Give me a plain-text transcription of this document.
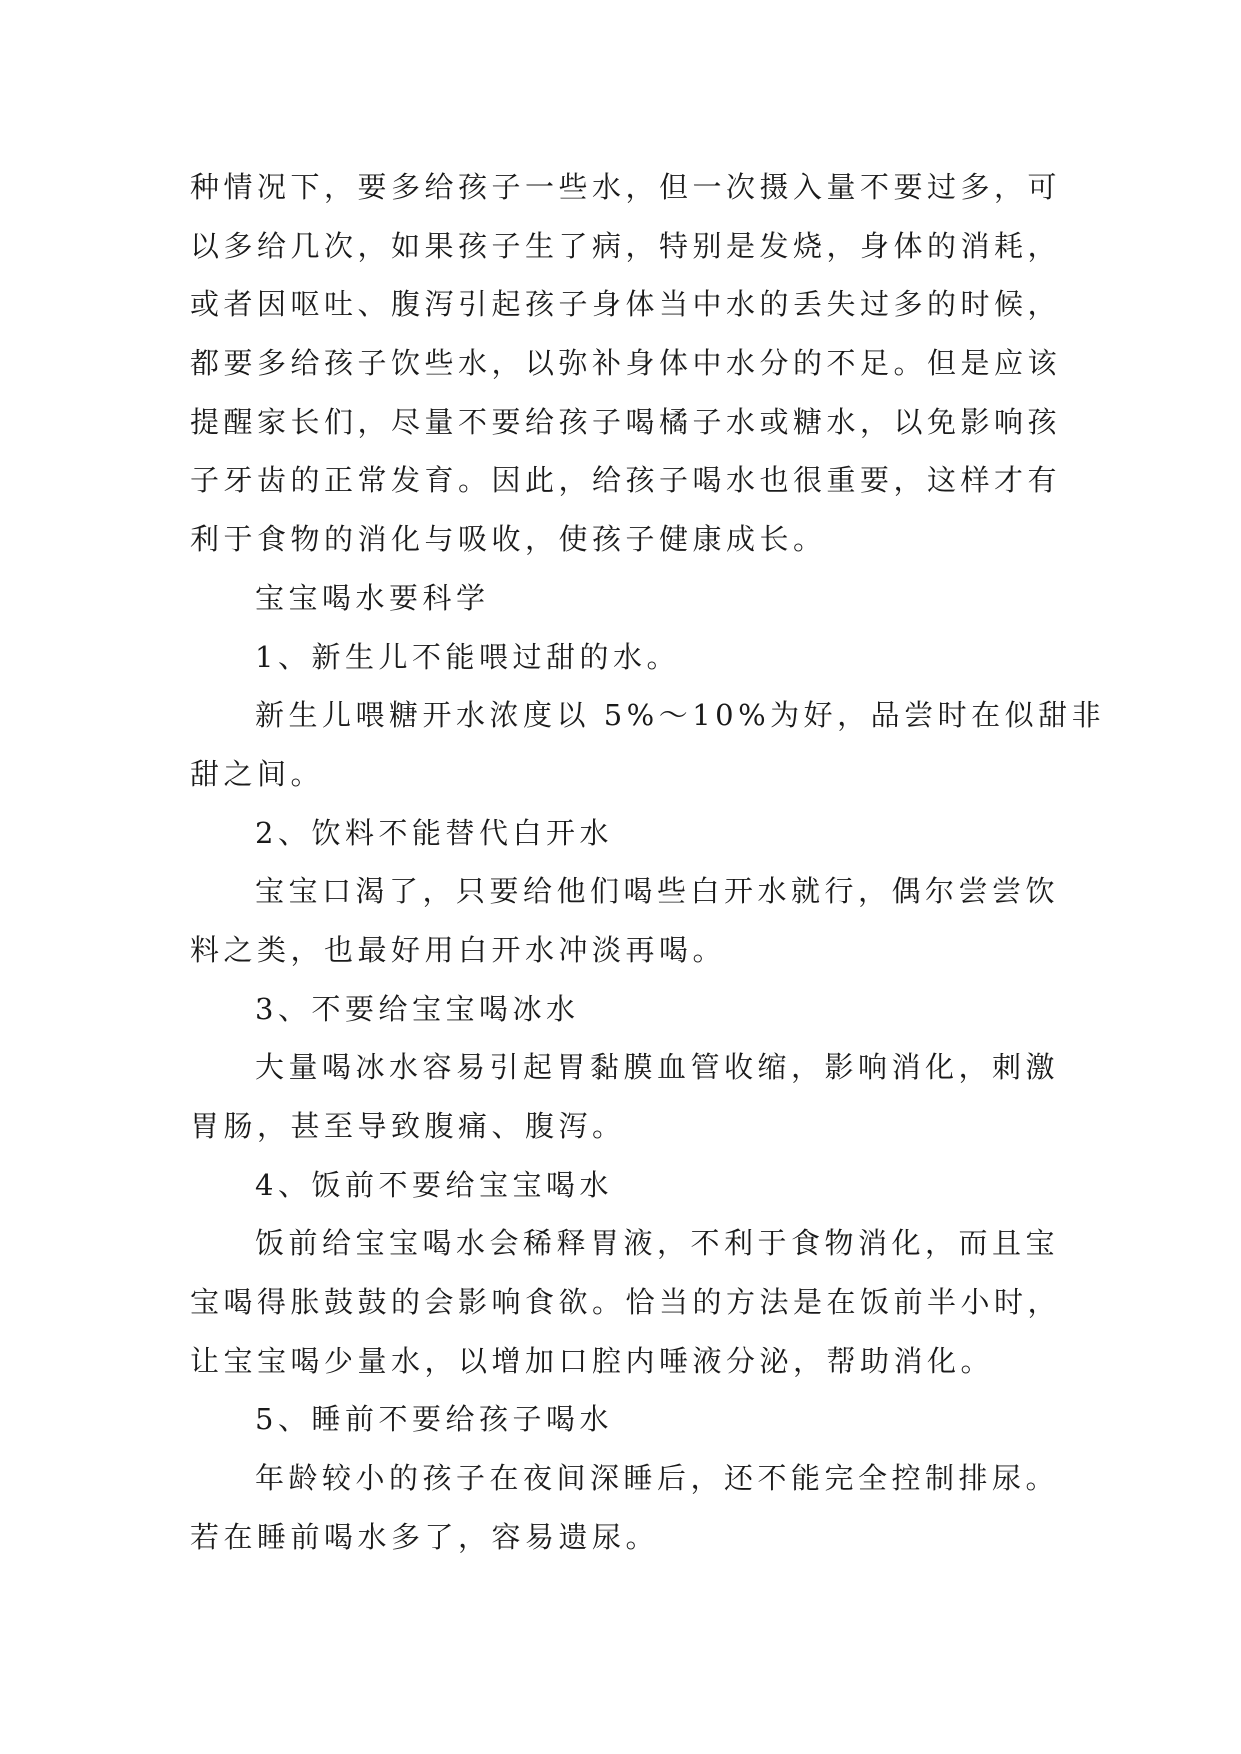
种情况下，要多给孩子一些水，但一次摄入量不要过多，可
以多给几次，如果孩子生了病，特别是发烧，身体的消耗，
或者因呕吐、腹泻引起孩子身体当中水的丢失过多的时候，
都要多给孩子饮些水，以弥补身体中水分的不足。但是应该
提醒家长们，尽量不要给孩子喝橘子水或糖水，以免影响孩
子牙齿的正常发育。因此，给孩子喝水也很重要，这样才有
利于食物的消化与吸收，使孩子健康成长。
宝宝喝水要科学
1、新生儿不能喂过甜的水。
新生儿喂糖开水浓度以 5%～10%为好，品尝时在似甜非
甜之间。
2、饮料不能替代白开水
宝宝口渴了，只要给他们喝些白开水就行，偶尔尝尝饮
料之类，也最好用白开水冲淡再喝。
3、不要给宝宝喝冰水
大量喝冰水容易引起胃黏膜血管收缩，影响消化，刺激
胃肠，甚至导致腹痛、腹泻。
4、饭前不要给宝宝喝水
饭前给宝宝喝水会稀释胃液，不利于食物消化，而且宝
宝喝得胀鼓鼓的会影响食欲。恰当的方法是在饭前半小时，
让宝宝喝少量水，以增加口腔内唾液分泌，帮助消化。
5、睡前不要给孩子喝水
年龄较小的孩子在夜间深睡后，还不能完全控制排尿。
若在睡前喝水多了，容易遗尿。
